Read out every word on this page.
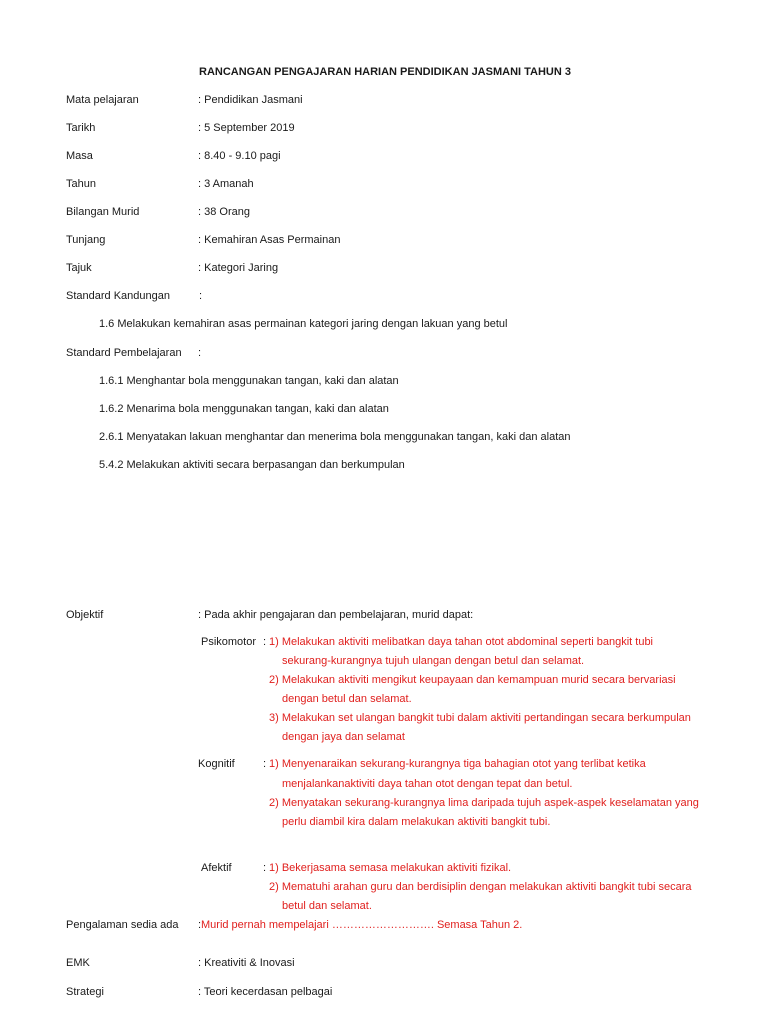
RANCANGAN PENGAJARAN HARIAN PENDIDIKAN JASMANI TAHUN 3
Mata pelajaran	: Pendidikan Jasmani
Tarikh	: 5 September 2019
Masa	: 8.40 - 9.10 pagi
Tahun	: 3 Amanah
Bilangan Murid	: 38 Orang
Tunjang	: Kemahiran Asas Permainan
Tajuk	: Kategori Jaring
Standard Kandungan	:
1.6 Melakukan kemahiran asas permainan kategori jaring dengan lakuan yang betul
Standard Pembelajaran :
1.6.1 Menghantar bola menggunakan tangan, kaki dan alatan
1.6.2 Menarima bola menggunakan tangan, kaki dan alatan
2.6.1 Menyatakan lakuan menghantar dan menerima bola menggunakan tangan, kaki dan alatan
5.4.2 Melakukan aktiviti secara berpasangan dan berkumpulan
Objektif	: Pada akhir pengajaran dan pembelajaran, murid dapat:
Psikomotor : 1) Melakukan aktiviti melibatkan daya tahan otot abdominal seperti bangkit tubi
sekurang-kurangnya tujuh ulangan dengan betul dan selamat.
2) Melakukan aktiviti mengikut keupayaan dan kemampuan murid secara bervariasi
dengan betul dan selamat.
3) Melakukan set ulangan bangkit tubi dalam aktiviti pertandingan secara berkumpulan
dengan jaya dan selamat
Kognitif	: 1) Menyenaraikan sekurang-kurangnya tiga bahagian otot yang terlibat ketika
menjalankanaktiviti daya tahan otot dengan tepat dan betul.
2) Menyatakan sekurang-kurangnya lima daripada tujuh aspek-aspek keselamatan yang
perlu diambil kira dalam melakukan aktiviti bangkit tubi.
Afektif	: 1) Bekerjasama semasa melakukan aktiviti fizikal.
2) Mematuhi arahan guru dan berdisiplin dengan melakukan aktiviti bangkit tubi secara
betul dan selamat.
Pengalaman sedia ada : Murid pernah mempelajari ………………………. Semasa Tahun 2.
EMK	: Kreativiti & Inovasi
Strategi	: Teori kecerdasan pelbagai
